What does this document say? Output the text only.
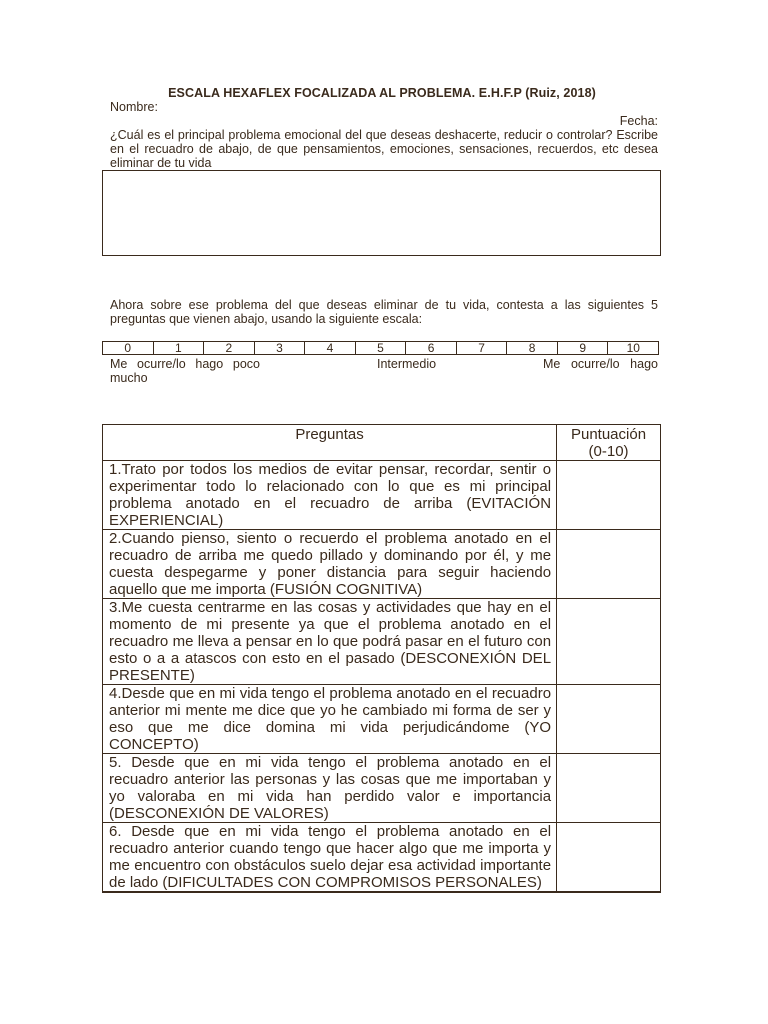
ESCALA HEXAFLEX FOCALIZADA AL PROBLEMA. E.H.F.P (Ruiz, 2018)
Nombre:
Fecha:
¿Cuál es el principal problema emocional del que deseas deshacerte, reducir o controlar? Escribe en el recuadro de abajo, de que pensamientos, emociones, sensaciones, recuerdos, etc desea eliminar de tu vida
Ahora sobre ese problema del que deseas eliminar de tu vida, contesta a las siguientes 5 preguntas que vienen abajo, usando la siguiente escala:
0	1	2	3	4	5	6	7	8	9	10
Me ocurre/lo hago poco mucho
Intermedio	Me ocurre/lo hago
Preguntas	Puntuación (0-10)
1.Trato por todos los medios de evitar pensar, recordar, sentir o experimentar todo lo relacionado con lo que es mi principal problema anotado en el recuadro de arriba (EVITACIÓN EXPERIENCIAL)	
2.Cuando pienso, siento o recuerdo el problema anotado en el recuadro de arriba me quedo pillado y dominando por él, y me cuesta despegarme y poner distancia para seguir haciendo aquello que me importa (FUSIÓN COGNITIVA)	
3.Me cuesta centrarme en las cosas y actividades que hay en el momento de mi presente ya que el problema anotado en el recuadro me lleva a pensar en lo que podrá pasar en el futuro con esto o a a atascos con esto en el pasado (DESCONEXIÓN DEL PRESENTE)	
4.Desde que en mi vida tengo el problema anotado en el recuadro anterior mi mente me dice que yo he cambiado mi forma de ser y eso que me dice domina mi vida perjudicándome (YO CONCEPTO)	
5. Desde que en mi vida tengo el problema anotado en el recuadro anterior las personas y las cosas que me importaban y yo valoraba en mi vida han perdido valor e importancia (DESCONEXIÓN DE VALORES)	
6. Desde que en mi vida tengo el problema anotado en el recuadro anterior cuando tengo que hacer algo que me importa y me encuentro con obstáculos suelo dejar esa actividad importante de lado (DIFICULTADES CON COMPROMISOS PERSONALES)	
